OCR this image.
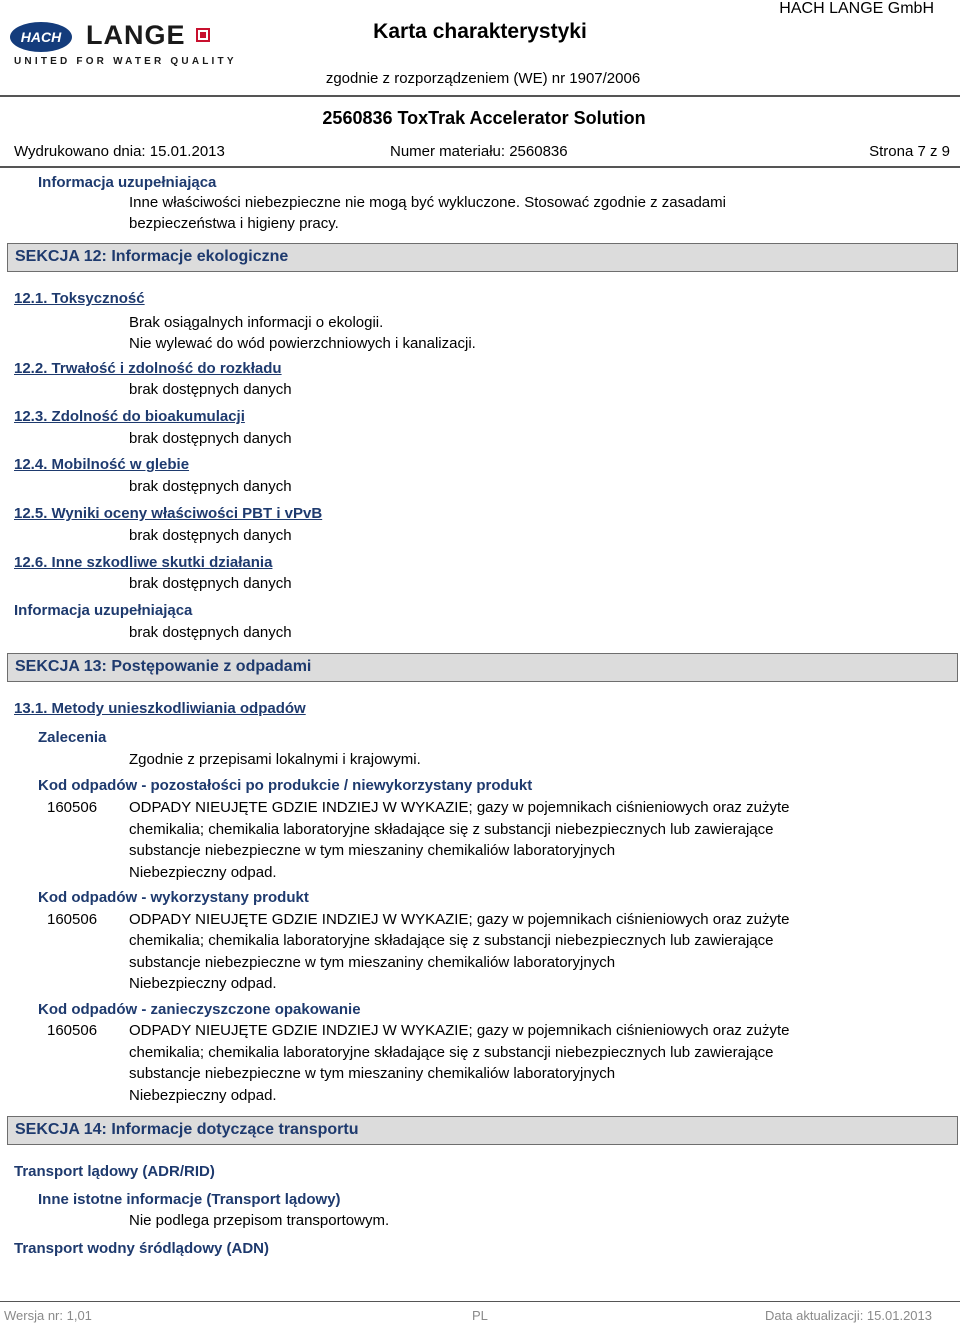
HACH LANGE
UNITED FOR WATER QUALITY
Karta charakterystyki
HACH LANGE GmbH
zgodnie z rozporządzeniem (WE) nr 1907/2006
2560836 ToxTrak Accelerator Solution
Wydrukowano dnia: 15.01.2013	Numer materiału: 2560836	Strona 7 z 9
Informacja uzupełniająca
Inne właściwości niebezpieczne nie mogą być wykluczone. Stosować zgodnie z zasadami
bezpieczeństwa i higieny pracy.
SEKCJA 12: Informacje ekologiczne
12.1. Toksyczność
Brak osiągalnych informacji o ekologii.
Nie wylewać do wód powierzchniowych i kanalizacji.
12.2. Trwałość i zdolność do rozkładu
brak dostępnych danych
12.3. Zdolność do bioakumulacji
brak dostępnych danych
12.4. Mobilność w glebie
brak dostępnych danych
12.5. Wyniki oceny właściwości PBT i vPvB
brak dostępnych danych
12.6. Inne szkodliwe skutki działania
brak dostępnych danych
Informacja uzupełniająca
brak dostępnych danych
SEKCJA 13: Postępowanie z odpadami
13.1. Metody unieszkodliwiania odpadów
Zalecenia
Zgodnie z przepisami lokalnymi i krajowymi.
Kod odpadów - pozostałości po produkcie / niewykorzystany produkt
160506 ODPADY NIEUJĘTE GDZIE INDZIEJ W WYKAZIE; gazy w pojemnikach ciśnieniowych oraz zużyte
chemikalia; chemikalia laboratoryjne składające się z substancji niebezpiecznych lub zawierające
substancje niebezpieczne w tym mieszaniny chemikaliów laboratoryjnych
Niebezpieczny odpad.
Kod odpadów - wykorzystany produkt
160506 ODPADY NIEUJĘTE GDZIE INDZIEJ W WYKAZIE; gazy w pojemnikach ciśnieniowych oraz zużyte
chemikalia; chemikalia laboratoryjne składające się z substancji niebezpiecznych lub zawierające
substancje niebezpieczne w tym mieszaniny chemikaliów laboratoryjnych
Niebezpieczny odpad.
Kod odpadów - zanieczyszczone opakowanie
160506 ODPADY NIEUJĘTE GDZIE INDZIEJ W WYKAZIE; gazy w pojemnikach ciśnieniowych oraz zużyte
chemikalia; chemikalia laboratoryjne składające się z substancji niebezpiecznych lub zawierające
substancje niebezpieczne w tym mieszaniny chemikaliów laboratoryjnych
Niebezpieczny odpad.
SEKCJA 14: Informacje dotyczące transportu
Transport lądowy (ADR/RID)
Inne istotne informacje (Transport lądowy)
Nie podlega przepisom transportowym.
Transport wodny śródlądowy (ADN)
Wersja nr: 1,01	PL	Data aktualizacji: 15.01.2013
